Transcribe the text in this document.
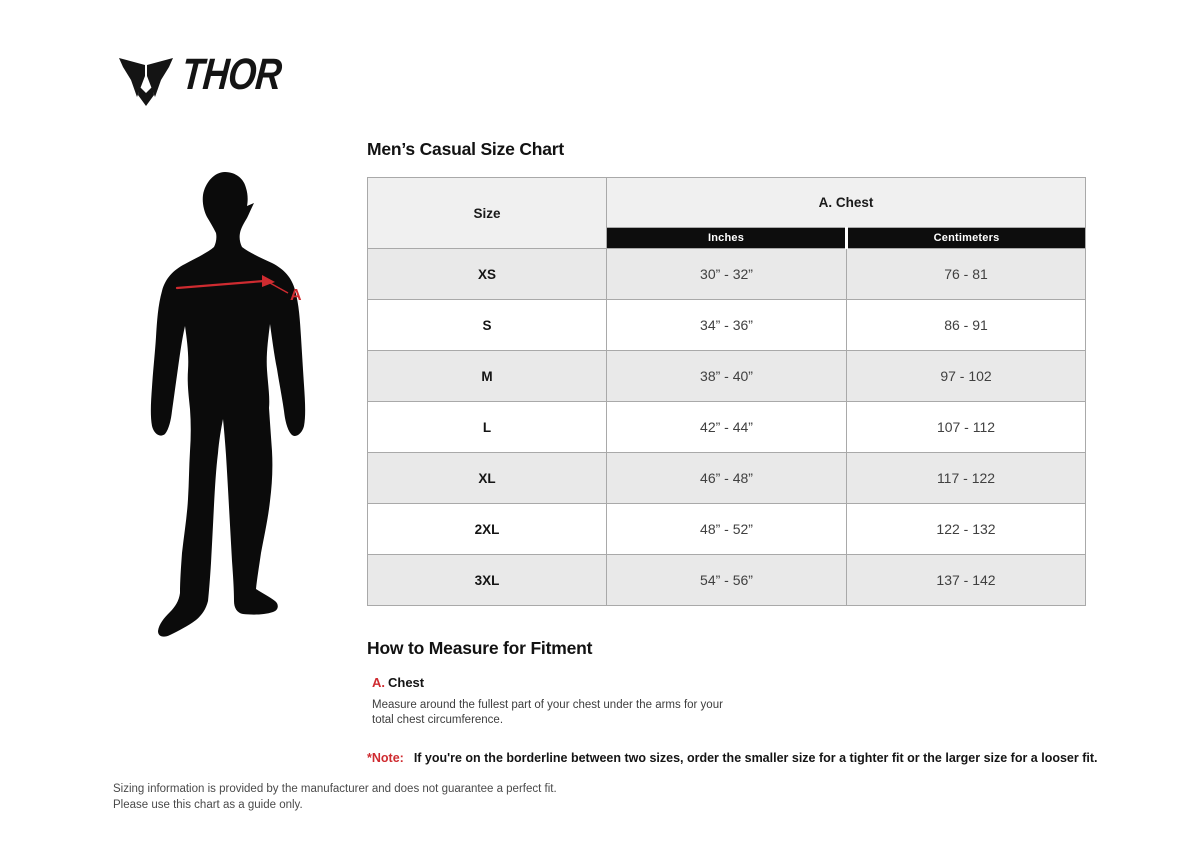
THOR
A
Men’s Casual Size Chart
Size	A. Chest	
	Inches	Centimeters
XS	30” - 32”	76 - 81
S	34” - 36”	86 - 91
M	38” - 40”	97 - 102
L	42” - 44”	107 - 112
XL	46” - 48”	117 - 122
2XL	48” - 52”	122 - 132
3XL	54” - 56”	137 - 142
How to Measure for Fitment
A. Chest

Measure around the fullest part of your chest under the arms for your total chest circumference.

*Note: If you're on the borderline between two sizes, order the smaller size for a tighter fit or the larger size for a looser fit.
Sizing information is provided by the manufacturer and does not guarantee a perfect fit.
Please use this chart as a guide only.
